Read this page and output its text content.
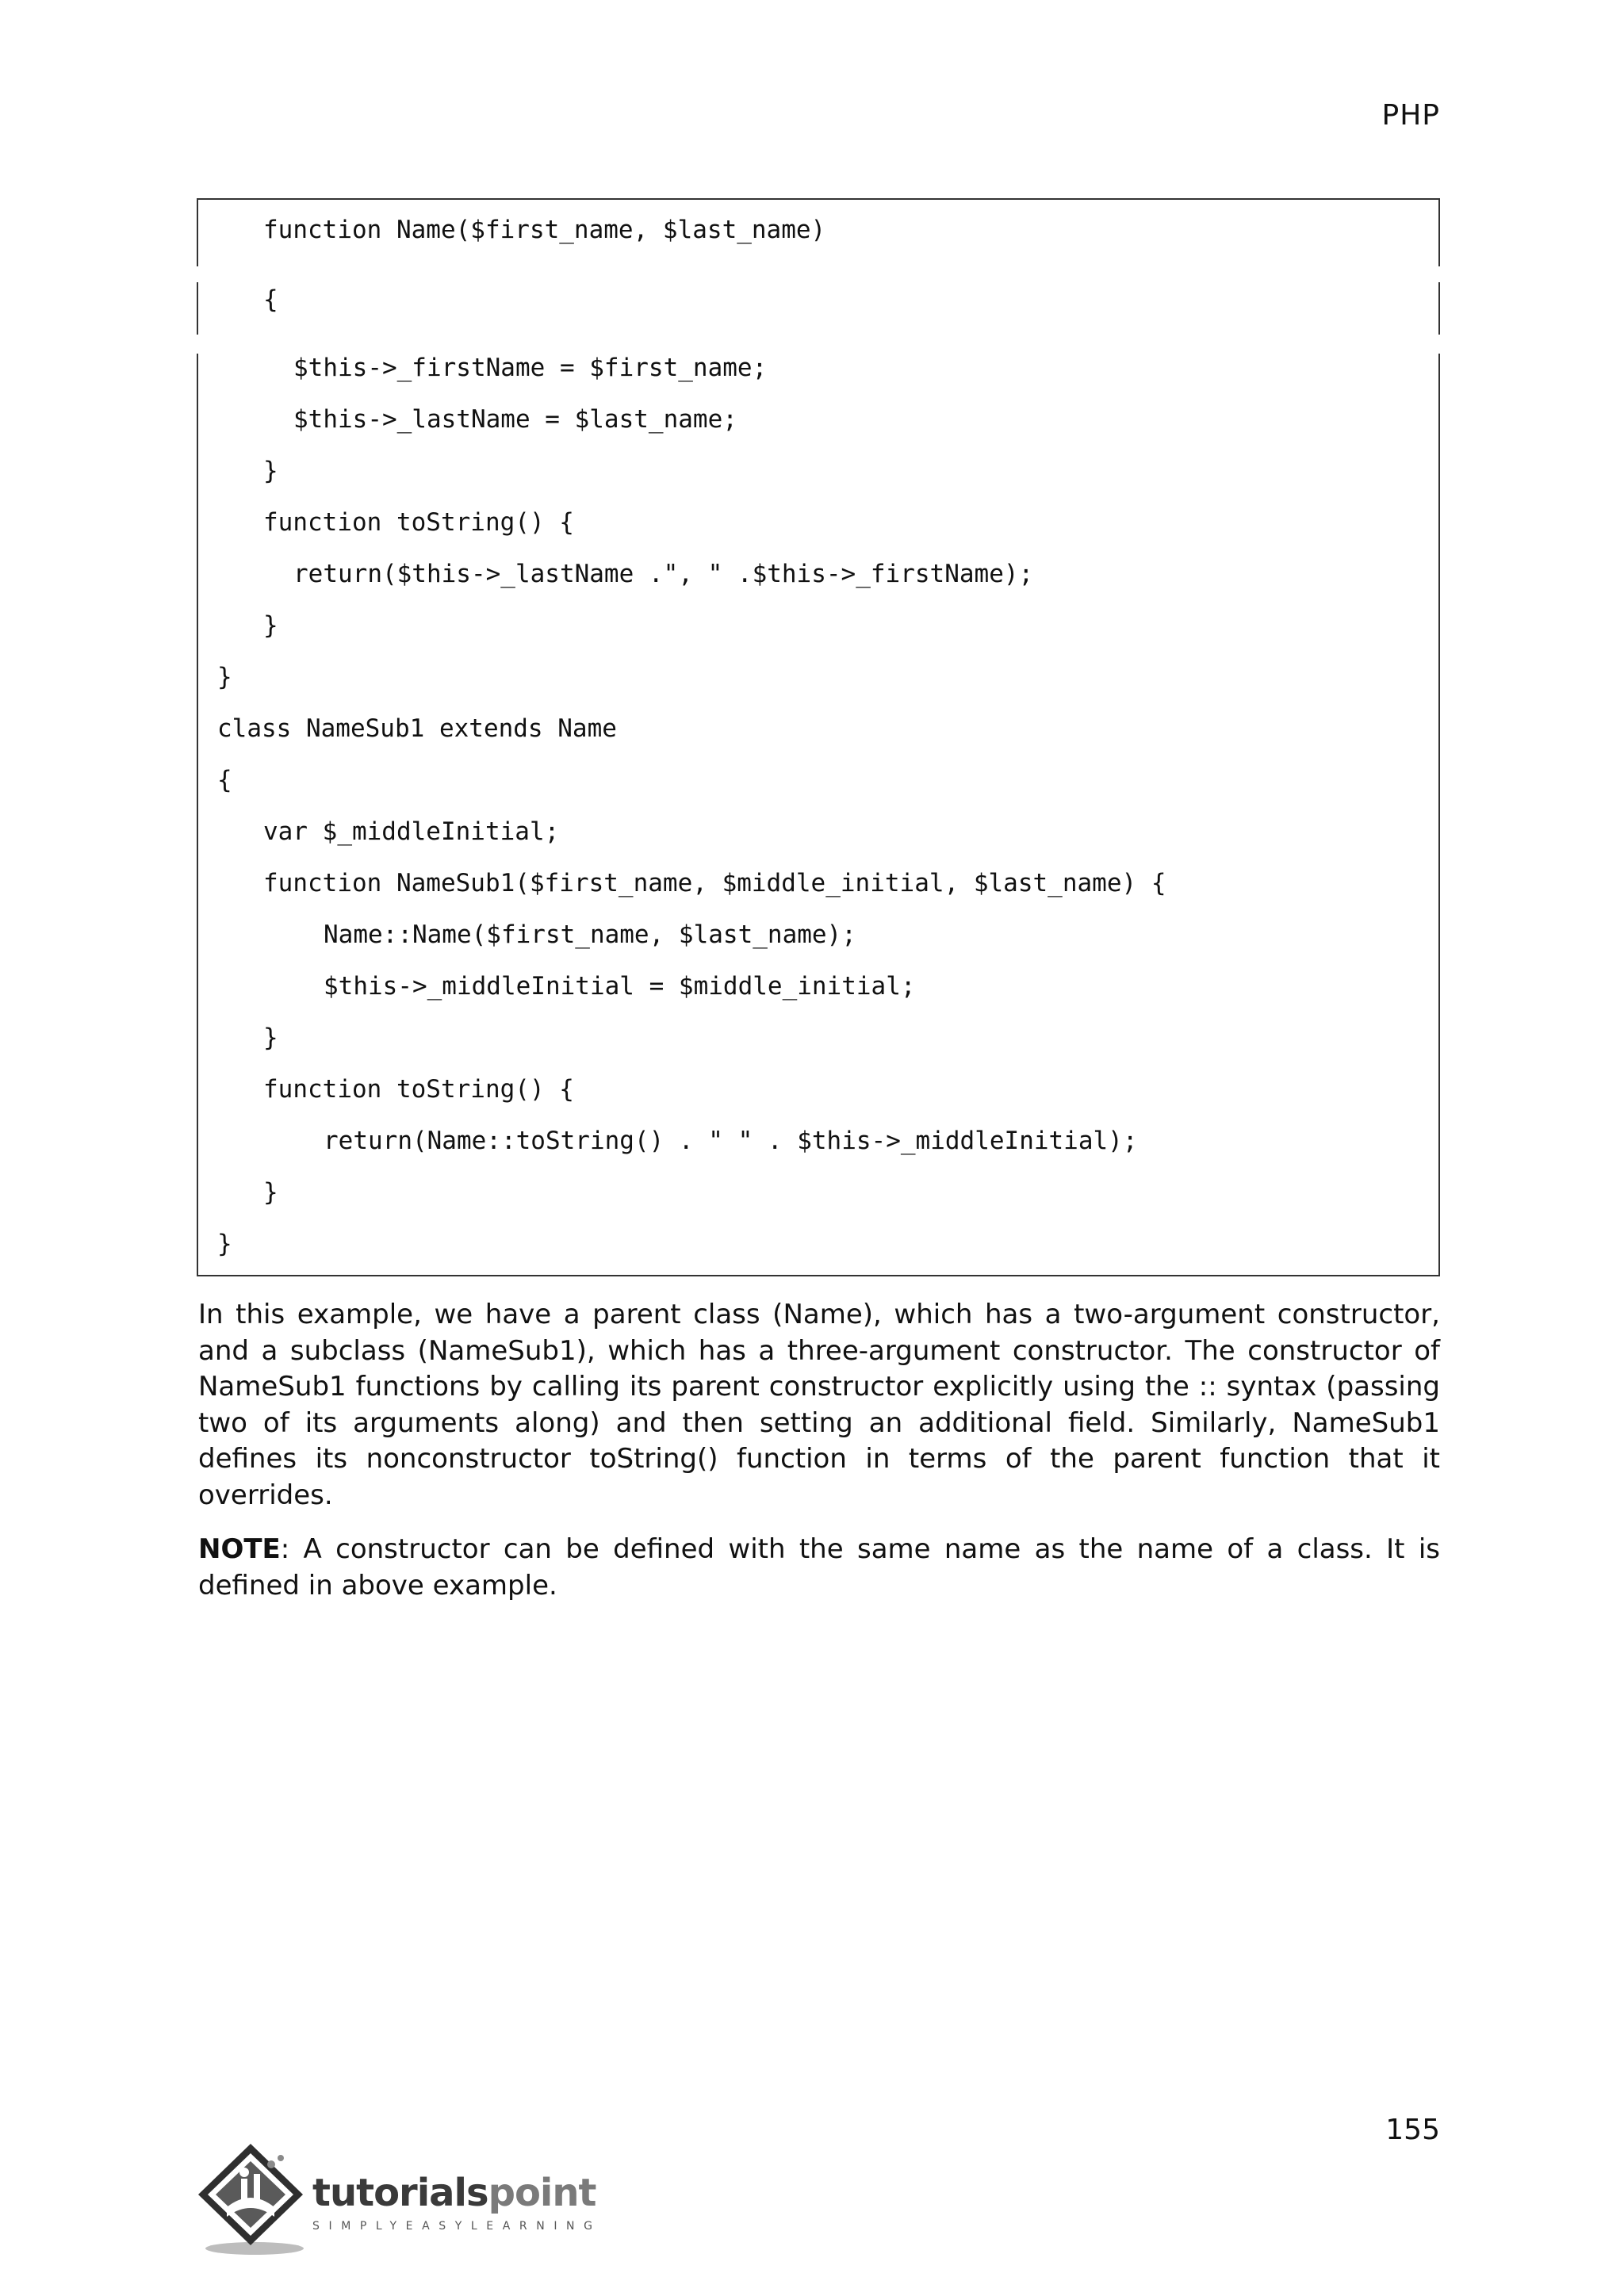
PHP
function Name($first_name, $last_name)
{
$this->_firstName = $first_name;
$this->_lastName = $last_name;
}
function toString() {
return($this->_lastName .", " .$this->_firstName);
}
}
class NameSub1 extends Name
{
var $_middleInitial;
function NameSub1($first_name, $middle_initial, $last_name) {
Name::Name($first_name, $last_name);
$this->_middleInitial = $middle_initial;
}
function toString() {
return(Name::toString() . " " . $this->_middleInitial);
}
}

In this example, we have a parent class (Name), which has a two-argument constructor, and a subclass (NameSub1), which has a three-argument constructor. The constructor of NameSub1 functions by calling its parent constructor explicitly using the :: syntax (passing two of its arguments along) and then setting an additional field. Similarly, NameSub1 defines its nonconstructor toString() function in terms of the parent function that it overrides.

NOTE: A constructor can be defined with the same name as the name of a class. It is defined in above example.

155
tutorialspoint
SIMPLYEASYLEARNING
